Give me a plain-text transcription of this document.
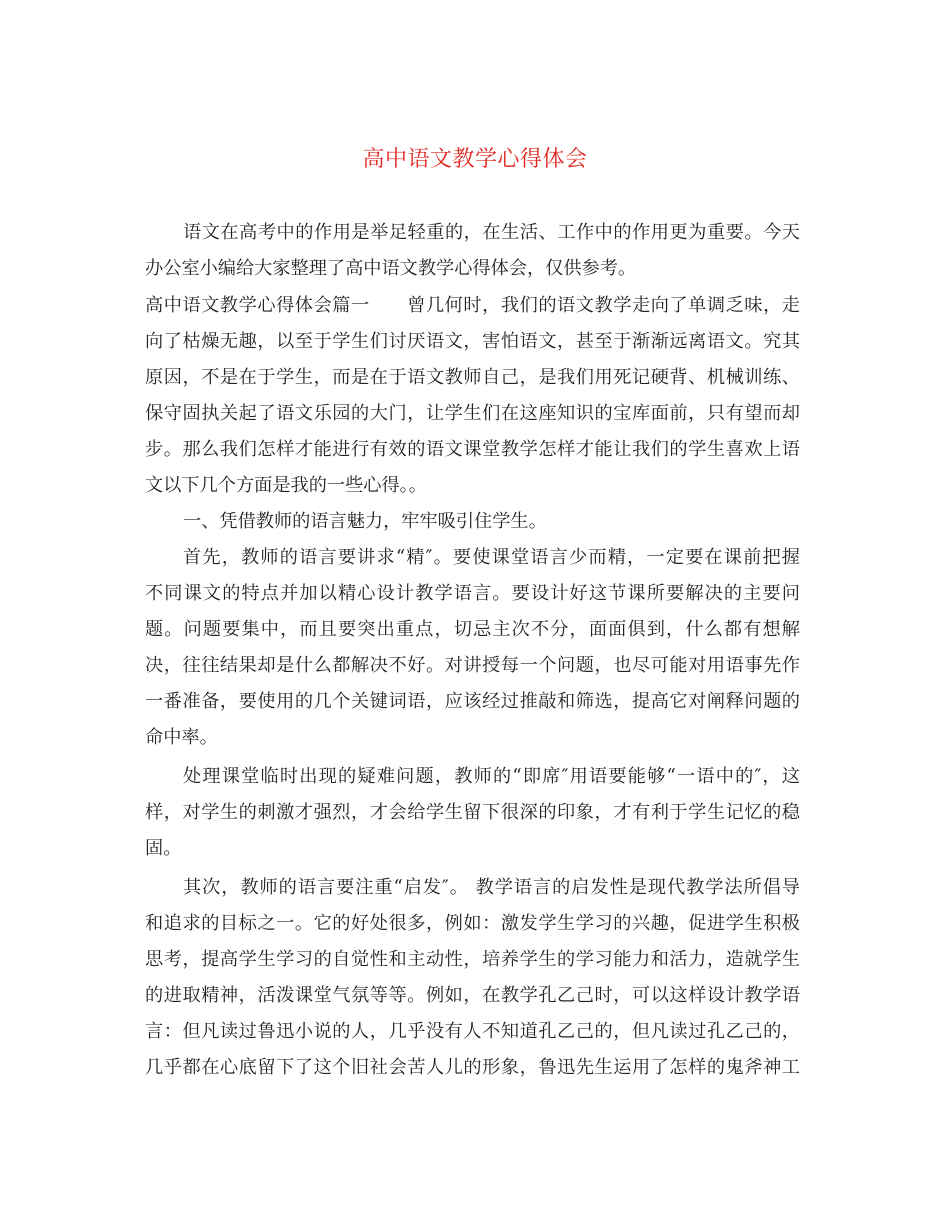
高中语文教学心得体会
语文在高考中的作用是举足轻重的，在生活、工作中的作用更为重要。今天
办公室小编给大家整理了高中语文教学心得体会，仅供参考。
高中语文教学心得体会篇一　　曾几何时，我们的语文教学走向了单调乏味，走
向了枯燥无趣，以至于学生们讨厌语文，害怕语文，甚至于渐渐远离语文。究其
原因，不是在于学生，而是在于语文教师自己，是我们用死记硬背、机械训练、
保守固执关起了语文乐园的大门，让学生们在这座知识的宝库面前，只有望而却
步。那么我们怎样才能进行有效的语文课堂教学怎样才能让我们的学生喜欢上语
文以下几个方面是我的一些心得。。
一、凭借教师的语言魅力，牢牢吸引住学生。
首先，教师的语言要讲求“精″。要使课堂语言少而精，一定要在课前把握
不同课文的特点并加以精心设计教学语言。要设计好这节课所要解决的主要问
题。问题要集中，而且要突出重点，切忌主次不分，面面俱到，什么都有想解
决，往往结果却是什么都解决不好。对讲授每一个问题，也尽可能对用语事先作
一番准备，要使用的几个关键词语，应该经过推敲和筛选，提高它对阐释问题的
命中率。
处理课堂临时出现的疑难问题，教师的“即席″用语要能够“一语中的″，这
样，对学生的刺激才强烈，才会给学生留下很深的印象，才有利于学生记忆的稳
固。
其次，教师的语言要注重“启发″。 教学语言的启发性是现代教学法所倡导
和追求的目标之一。它的好处很多，例如：激发学生学习的兴趣，促进学生积极
思考，提高学生学习的自觉性和主动性，培养学生的学习能力和活力，造就学生
的进取精神，活泼课堂气氛等等。例如，在教学孔乙己时，可以这样设计教学语
言：但凡读过鲁迅小说的人，几乎没有人不知道孔乙己的，但凡读过孔乙己的，
几乎都在心底留下了这个旧社会苦人儿的形象，鲁迅先生运用了怎样的鬼斧神工
